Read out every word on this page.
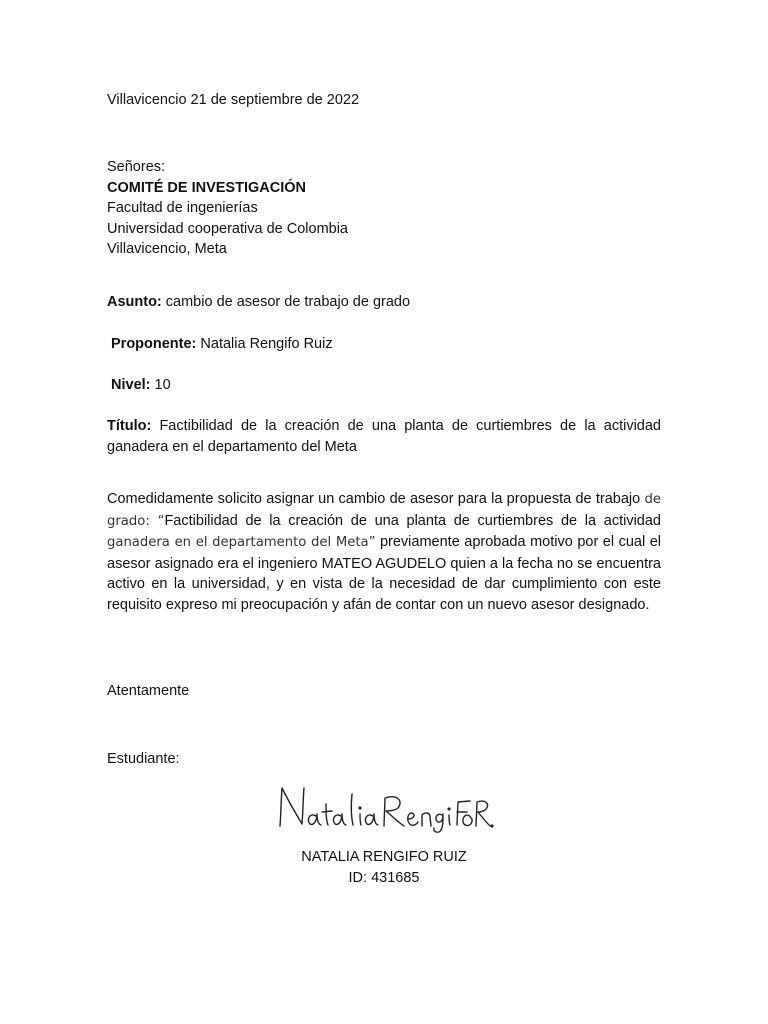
Villavicencio 21 de septiembre de 2022
Señores:
COMITÉ DE INVESTIGACIÓN
Facultad de ingenierías
Universidad cooperativa de Colombia
Villavicencio, Meta
Asunto: cambio de asesor de trabajo de grado
Proponente: Natalia Rengifo Ruiz
Nivel: 10
Título: Factibilidad de la creación de una planta de curtiembres de la actividad ganadera en el departamento del Meta
Comedidamente solicito asignar un cambio de asesor para la propuesta de trabajo de grado: “Factibilidad de la creación de una planta de curtiembres de la actividad ganadera en el departamento del Meta” previamente aprobada motivo por el cual el asesor asignado era el ingeniero MATEO AGUDELO quien a la fecha no se encuentra activo en la universidad, y en vista de la necesidad de dar cumplimiento con este requisito expreso mi preocupación y afán de contar con un nuevo asesor designado.
Atentamente
Estudiante:
NATALIA RENGIFO RUIZ
ID: 431685
